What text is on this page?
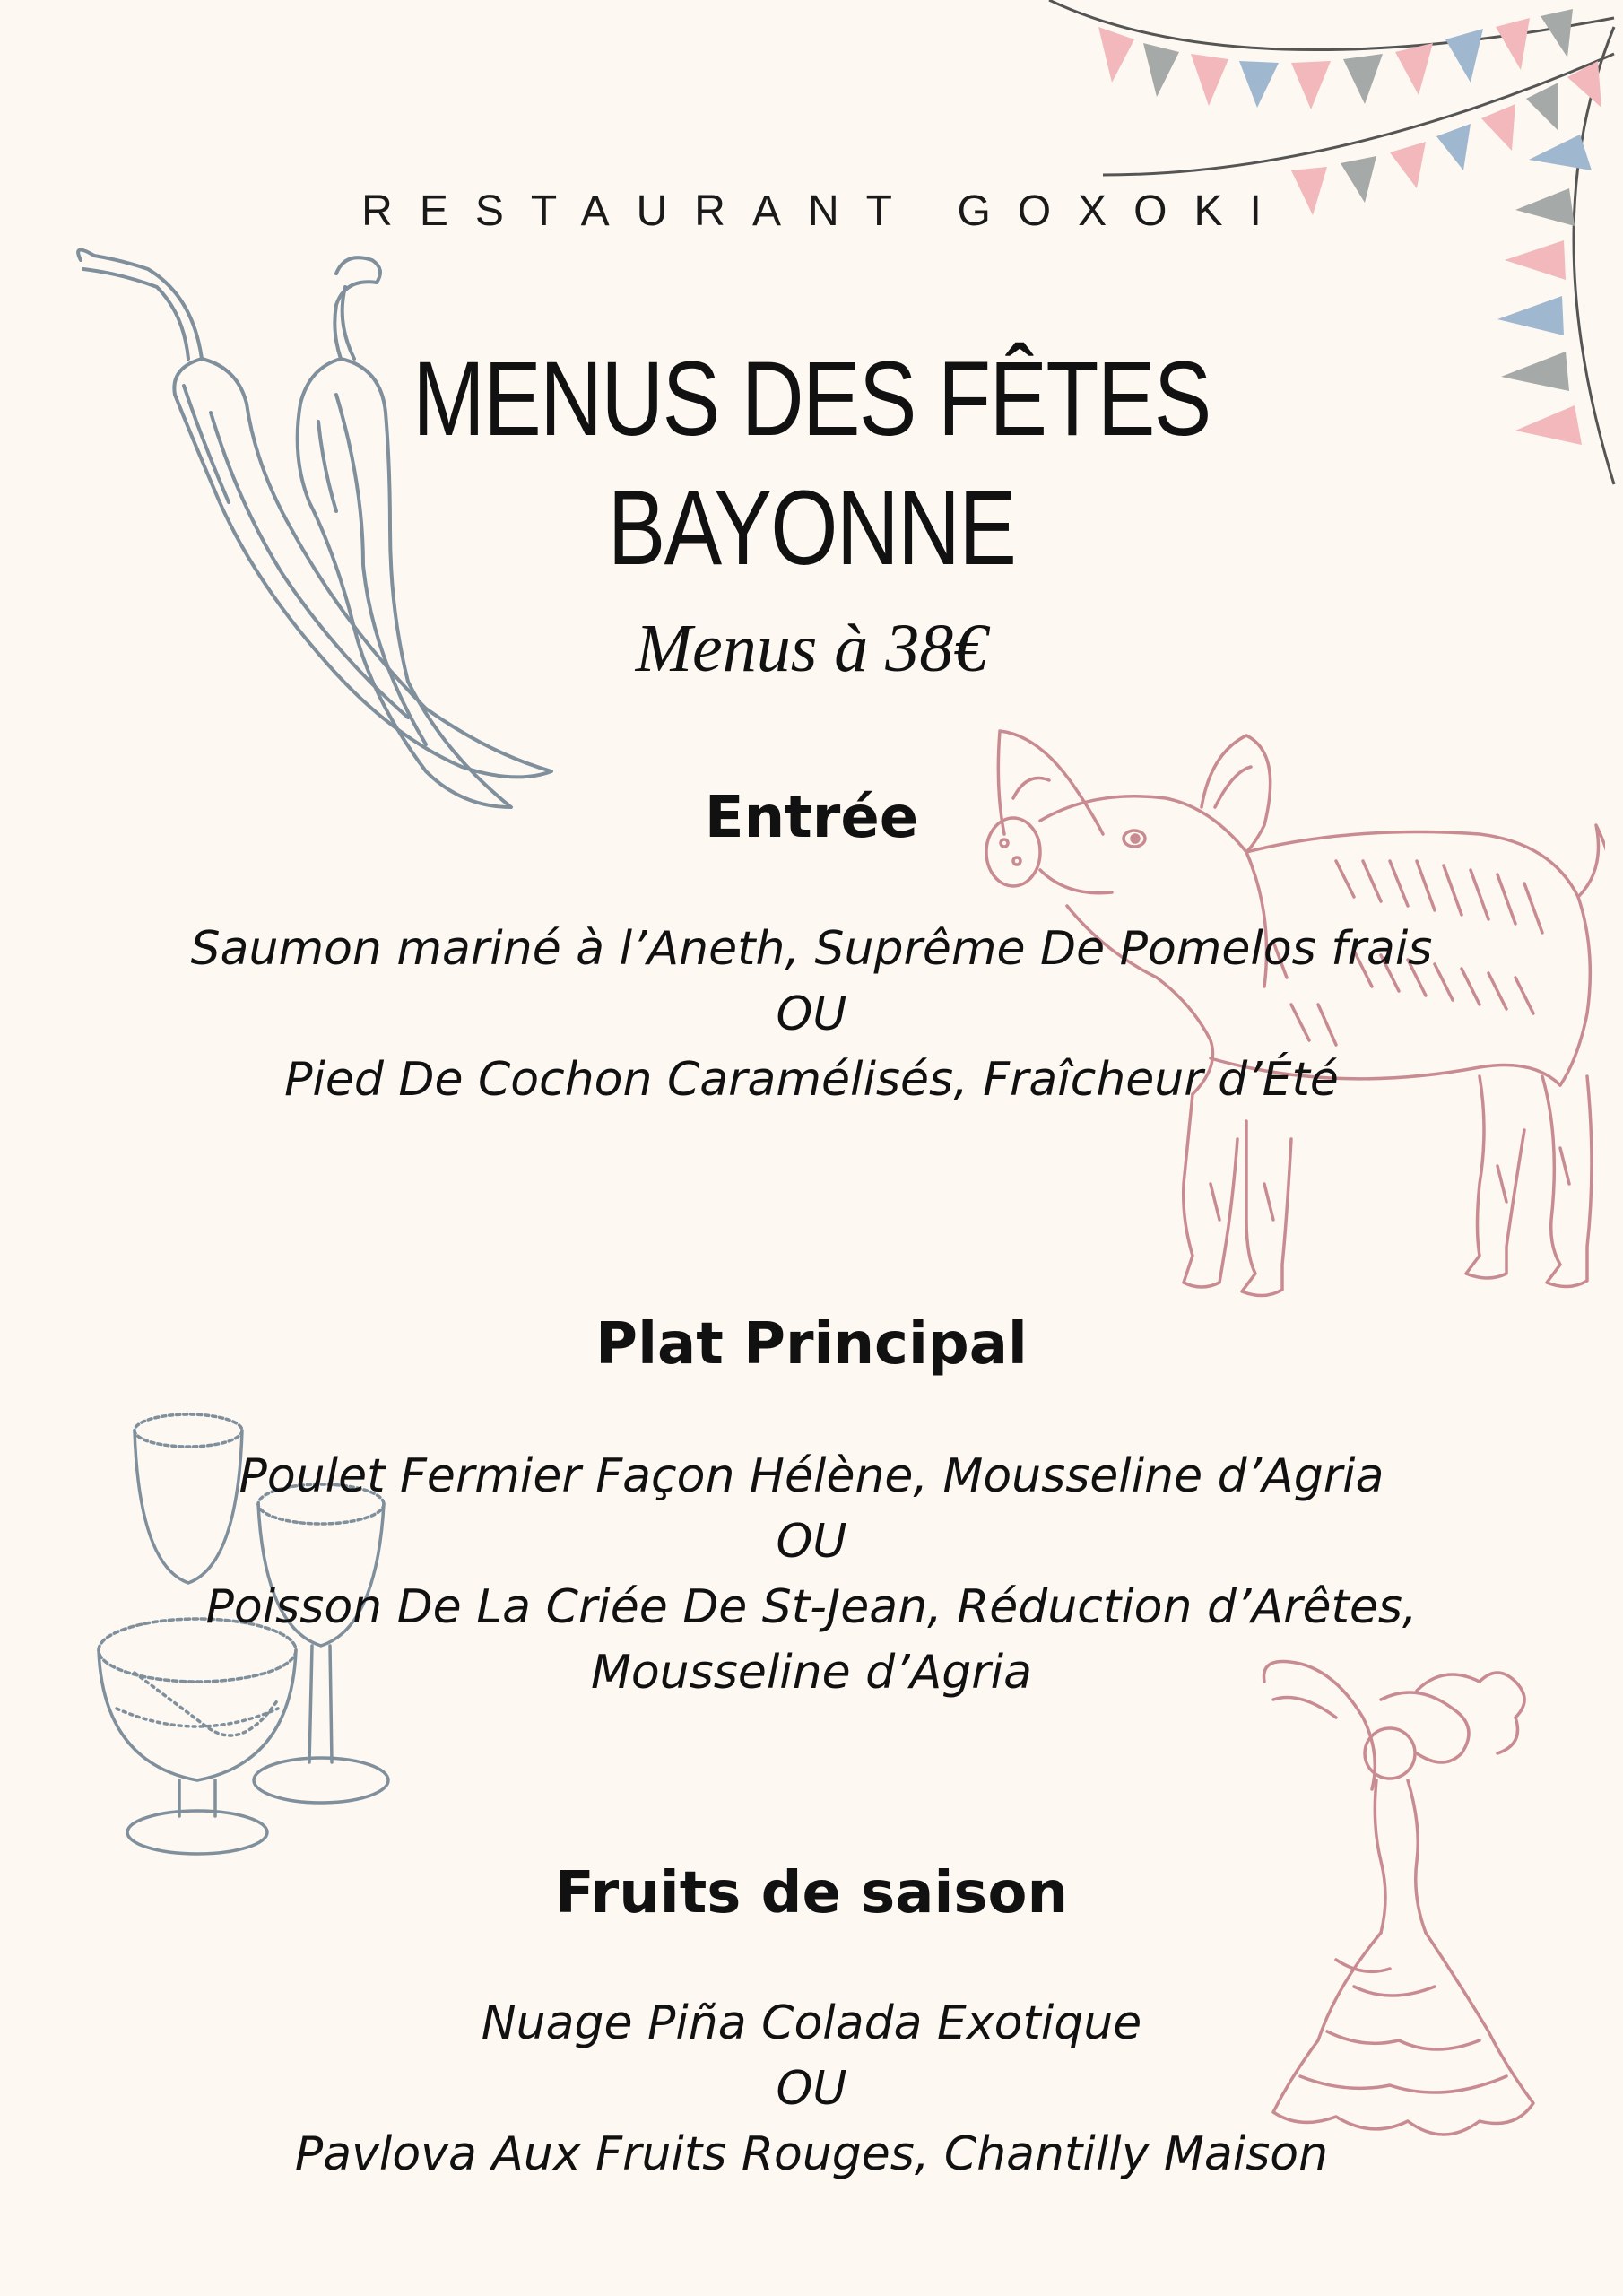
RESTAURANT GOXOKI
MENUS DES FÊTES
BAYONNE
Menus à 38€
Entrée
Saumon mariné à l’Aneth, Suprême De Pomelos frais
OU
Pied De Cochon Caramélisés, Fraîcheur d’Été
Plat Principal
Poulet Fermier Façon Hélène, Mousseline d’Agria
OU
Poisson De La Criée De St-Jean, Réduction d’Arêtes,
Mousseline d’Agria
Fruits de saison
Nuage Piña Colada Exotique
OU
Pavlova Aux Fruits Rouges, Chantilly Maison
